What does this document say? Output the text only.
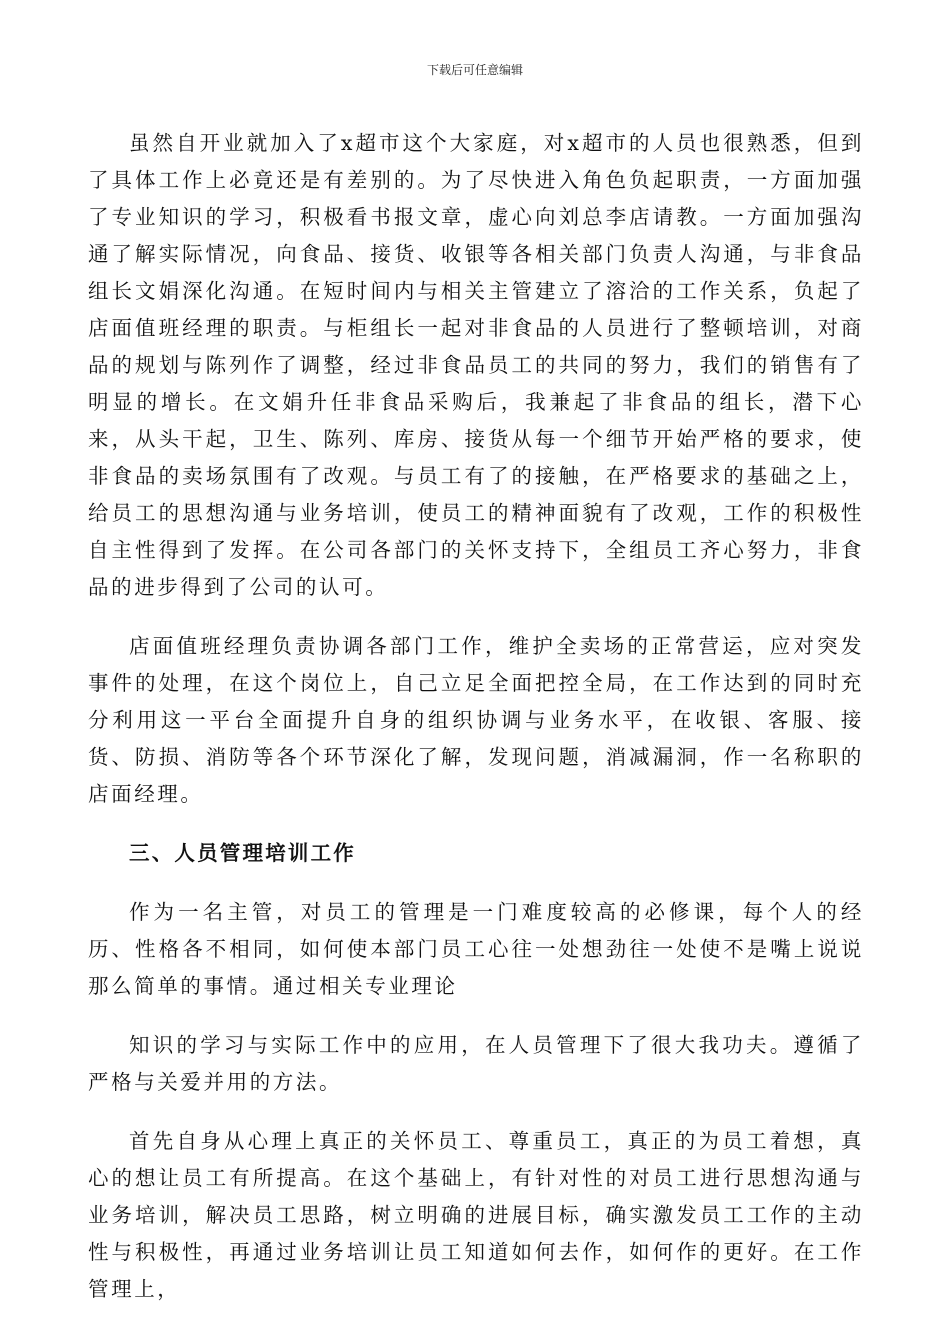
下载后可任意编辑

虽然自开业就加入了x超市这个大家庭，对x超市的人员也很熟悉，但到了具体工作上必竟还是有差别的。为了尽快进入角色负起职责，一方面加强了专业知识的学习，积极看书报文章，虚心向刘总李店请教。一方面加强沟通了解实际情况，向食品、接货、收银等各相关部门负责人沟通，与非食品组长文娟深化沟通。在短时间内与相关主管建立了溶洽的工作关系，负起了店面值班经理的职责。与柜组长一起对非食品的人员进行了整顿培训，对商品的规划与陈列作了调整，经过非食品员工的共同的努力，我们的销售有了明显的增长。在文娟升任非食品采购后，我兼起了非食品的组长，潜下心来，从头干起，卫生、陈列、库房、接货从每一个细节开始严格的要求，使非食品的卖场氛围有了改观。与员工有了的接触，在严格要求的基础之上，给员工的思想沟通与业务培训，使员工的精神面貌有了改观，工作的积极性自主性得到了发挥。在公司各部门的关怀支持下，全组员工齐心努力，非食品的进步得到了公司的认可。

店面值班经理负责协调各部门工作，维护全卖场的正常营运，应对突发事件的处理，在这个岗位上，自己立足全面把控全局，在工作达到的同时充分利用这一平台全面提升自身的组织协调与业务水平，在收银、客服、接货、防损、消防等各个环节深化了解，发现问题，消减漏洞，作一名称职的店面经理。

三、人员管理培训工作

作为一名主管，对员工的管理是一门难度较高的必修课，每个人的经历、性格各不相同，如何使本部门员工心往一处想劲往一处使不是嘴上说说那么简单的事情。通过相关专业理论

知识的学习与实际工作中的应用，在人员管理下了很大我功夫。遵循了严格与关爱并用的方法。

首先自身从心理上真正的关怀员工、尊重员工，真正的为员工着想，真心的想让员工有所提高。在这个基础上，有针对性的对员工进行思想沟通与业务培训，解决员工思路，树立明确的进展目标，确实激发员工工作的主动性与积极性，再通过业务培训让员工知道如何去作，如何作的更好。在工作管理上，
